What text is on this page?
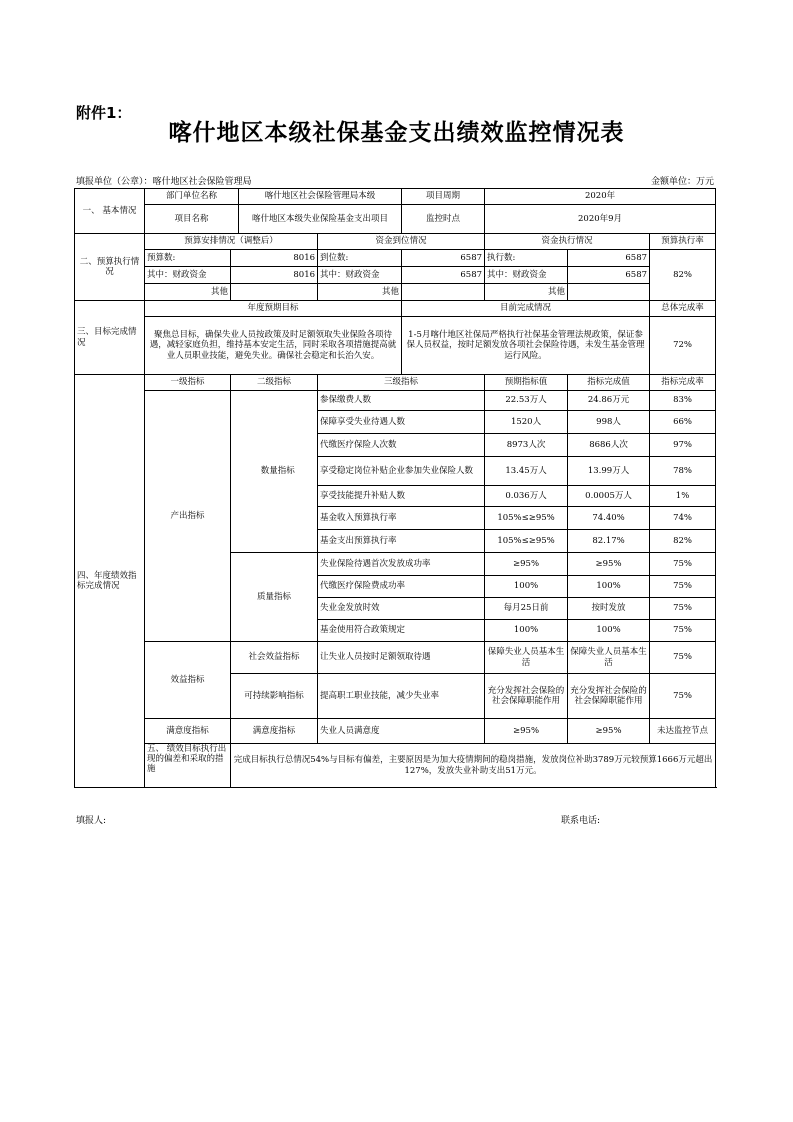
附件1：
喀什地区本级社保基金支出绩效监控情况表
填报单位（公章）：喀什地区社会保险管理局	金额单位：万元
一、 基本情况	部门单位名称		喀什地区社会保险管理局本级		项目周期	2020年		
	项目名称		喀什地区本级失业保险基金支出项目		监控时点	2020年9月		
二、预算执行情况	预算安排情况（调整后）			资金到位情况		资金执行情况		预算执行率
	预算数:	8016		到位数:	6587	执行数:	6587	82%
	其中：财政资金	8016		其中：财政资金	6587	其中：财政资金	6587	
	其他			其他		其他		
三、目标完成情况	年度预期目标				目前完成情况			总体完成率
	聚焦总目标，确保失业人员按政策及时足额领取失业保险各项待遇，减轻家庭负担，维持基本安定生活，同时采取各项措施提高就业人员职业技能，避免失业。确保社会稳定和长治久安。				1-5月喀什地区社保局严格执行社保基金管理法规政策，保证参保人员权益，按时足额发放各项社会保险待遇，未发生基金管理运行风险。			72%
四、年度绩效指标完成情况	一级指标	二级指标		三级指标		预期指标值	指标完成值	指标完成率
	产出指标		数量指标	参保缴费人数		22.53万人	24.86万元	83%
				保障享受失业待遇人数		1520人	998人	66%
				代缴医疗保险人次数		8973人次	8686人次	97%
				享受稳定岗位补贴企业参加失业保险人数		13.45万人	13.99万人	78%
				享受技能提升补贴人数		0.036万人	0.0005万人	1%
				基金收入预算执行率		105%≤≥95%	74.40%	74%
				基金支出预算执行率		105%≤≥95%	82.17%	82%
		质量指标		失业保险待遇首次发放成功率		≥95%	≥95%	75%
				代缴医疗保险费成功率		100%	100%	75%
				失业金发放时效		每月25日前	按时发放	75%
				基金使用符合政策规定		100%	100%	75%
	效益指标	社会效益指标		让失业人员按时足额领取待遇		保障失业人员基本生活	保障失业人员基本生活	75%
		可持续影响指标		提高职工职业技能，减少失业率		充分发挥社会保险的社会保障职能作用	充分发挥社会保险的社会保障职能作用	75%
	满意度指标	满意度指标		失业人员满意度		≥95%	≥95%	未达监控节点

	五、 绩效目标执行出现的偏差和采取的措施	完成目标执行总情况54%与目标有偏差，主要原因是为加大疫情期间的稳岗措施，发放岗位补助3789万元较预算1666万元超出127%，发放失业补助支出51万元。						
填报人:	联系电话:
